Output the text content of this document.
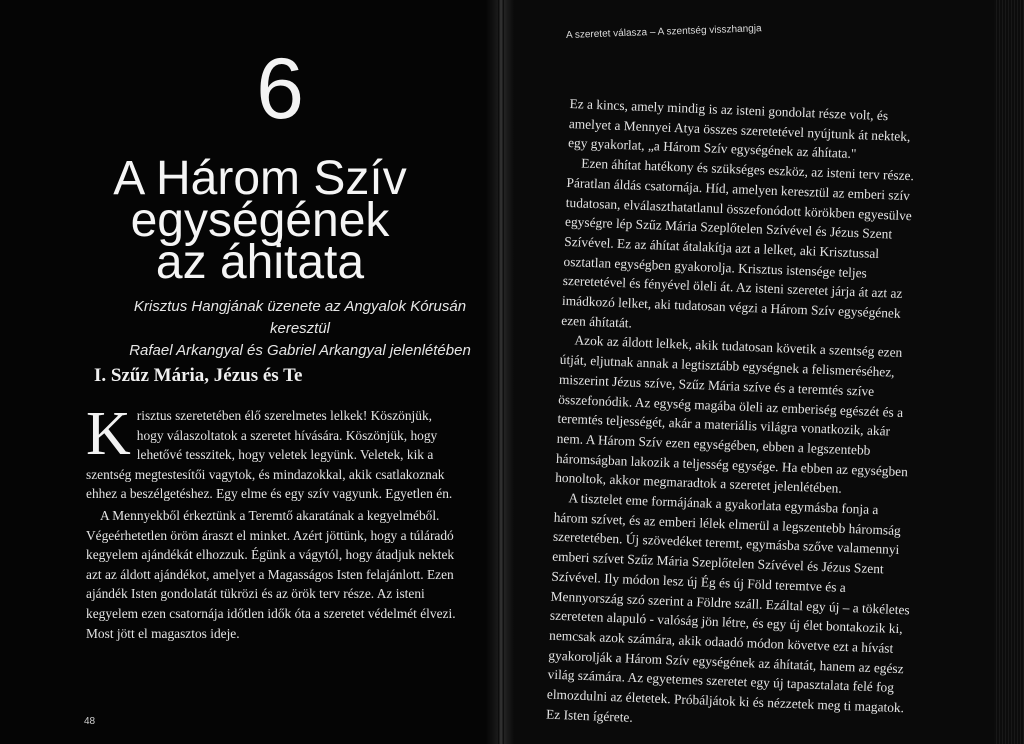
6
A Három Szív
egységének
az áhitata
Krisztus Hangjának üzenete az Angyalok Kórusán keresztül
Rafael Arkangyal és Gabriel Arkangyal jelenlétében
I. Szűz Mária, Jézus és Te

Krisztus szeretetében élő szerelmetes lelkek! Köszönjük, hogy válaszoltatok a szeretet hívására. Köszönjük, hogy lehetővé tesszitek, hogy veletek legyünk. Veletek, kik a szentség megtestesítői vagytok, és mindazokkal, akik csatlakoznak ehhez a beszélgetéshez. Egy elme és egy szív vagyunk. Egyetlen én.

A Mennyekből érkeztünk a Teremtő akaratának a kegyelméből. Végeérhetetlen öröm áraszt el minket. Azért jöttünk, hogy a túláradó kegyelem ajándékát elhozzuk. Égünk a vágytól, hogy átadjuk nektek azt az áldott ajándékot, amelyet a Magasságos Isten felajánlott. Ezen ajándék Isten gondolatát tükrözi és az örök terv része. Az isteni kegyelem ezen csatornája időtlen idők óta a szeretet védelmét élvezi. Most jött el magasztos ideje.

48
A szeretet válasza – A szentség visszhangja

Ez a kincs, amely mindig is az isteni gondolat része volt, és amelyet a Mennyei Atya összes szeretetével nyújtunk át nektek, egy gyakorlat, „a Három Szív egységének az áhítata."

Ezen áhítat hatékony és szükséges eszköz, az isteni terv része. Páratlan áldás csatornája. Híd, amelyen keresztül az emberi szív tudatosan, elválaszthatatlanul összefonódott körökben egyesülve egységre lép Szűz Mária Szeplőtelen Szívével és Jézus Szent Szívével. Ez az áhítat átalakítja azt a lelket, aki Krisztussal osztatlan egységben gyakorolja. Krisztus istensége teljes szeretetével és fényével öleli át. Az isteni szeretet járja át azt az imádkozó lelket, aki tudatosan végzi a Három Szív egységének ezen áhítatát.

Azok az áldott lelkek, akik tudatosan követik a szentség ezen útját, eljutnak annak a legtisztább egységnek a felismeréséhez, miszerint Jézus szíve, Szűz Mária szíve és a teremtés szíve összefonódik. Az egység magába öleli az emberiség egészét és a teremtés teljességét, akár a materiális világra vonatkozik, akár nem. A Három Szív ezen egységében, ebben a legszentebb háromságban lakozik a teljesség egysége. Ha ebben az egységben honoltok, akkor megmaradtok a szeretet jelenlétében.

A tisztelet eme formájának a gyakorlata egymásba fonja a három szívet, és az emberi lélek elmerül a legszentebb háromság szeretetében. Új szövedéket teremt, egymásba szőve valamennyi emberi szívet Szűz Mária Szeplőtelen Szívével és Jézus Szent Szívével. Ily módon lesz új Ég és új Föld teremtve és a Mennyország szó szerint a Földre száll. Ezáltal egy új – a tökéletes szereteten alapuló - valóság jön létre, és egy új élet bontakozik ki, nemcsak azok számára, akik odaadó módon követve ezt a hívást gyakorolják a Három Szív egységének az áhítatát, hanem az egész világ számára. Az egyetemes szeretet egy új tapasztalata felé fog elmozdulni az életetek. Próbáljátok ki és nézzetek meg ti magatok. Ez Isten ígérete.
